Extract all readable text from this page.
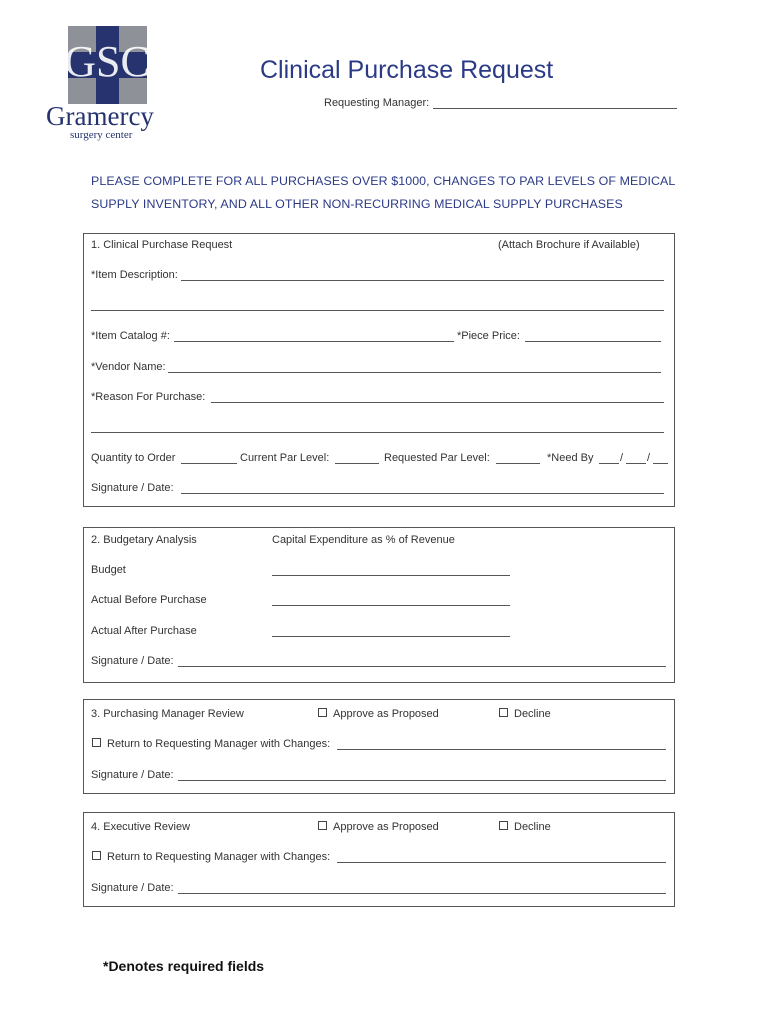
GSC
Gramercy
surgery center
Clinical Purchase Request
Requesting Manager:
PLEASE COMPLETE FOR ALL PURCHASES OVER $1000, CHANGES TO PAR LEVELS OF MEDICAL SUPPLY INVENTORY, AND ALL OTHER NON-RECURRING MEDICAL SUPPLY PURCHASES
1. Clinical Purchase Request	(Attach Brochure if Available)
*Item Description:
*Item Catalog #:	*Piece Price:
*Vendor Name:
*Reason For Purchase:
Quantity to Order	Current Par Level:	Requested Par Level:	*Need By / /
Signature / Date:
2. Budgetary Analysis	Capital Expenditure as % of Revenue
Budget
Actual Before Purchase
Actual After Purchase
Signature / Date:
3. Purchasing Manager Review	Approve as Proposed	Decline
Return to Requesting Manager with Changes:
Signature / Date:
4. Executive Review	Approve as Proposed	Decline
Return to Requesting Manager with Changes:
Signature / Date:
*Denotes required fields
